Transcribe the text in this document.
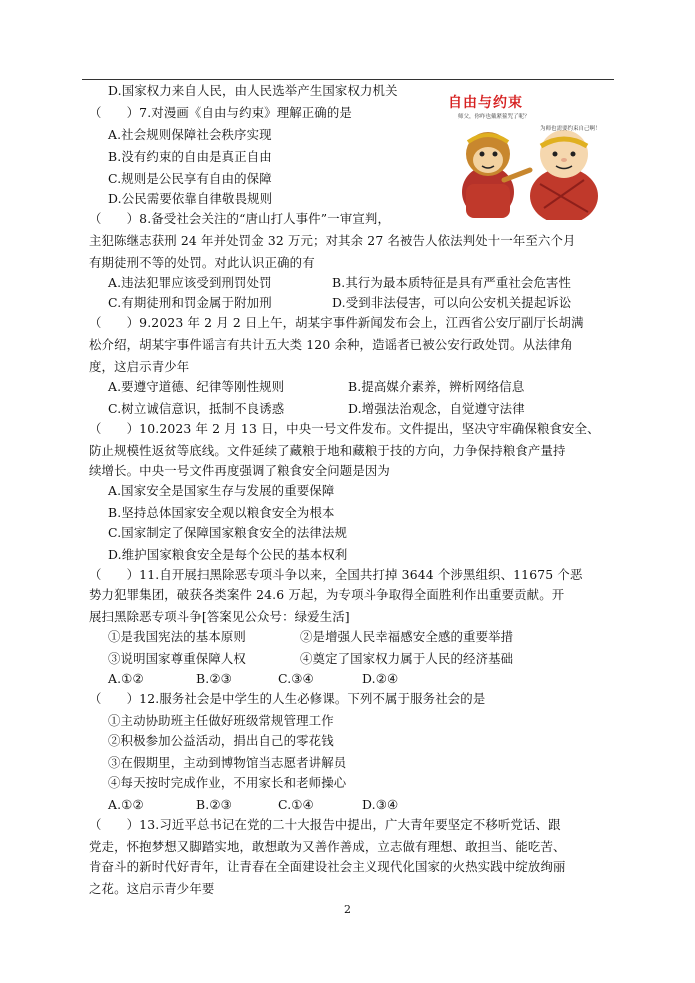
D.国家权力来自人民，由人民选举产生国家权力机关
（　　）7.对漫画《自由与约束》理解正确的是
A.社会规则保障社会秩序实现
B.没有约束的自由是真正自由
C.规则是公民享有自由的保障
D.公民需要依靠自律敬畏规则
自由与约束
师父，你咋也戴紧箍咒了呢？
为师也需要约束自己啊！
（　　）8.备受社会关注的“唐山打人事件”一审宣判，
主犯陈继志获刑 24 年并处罚金 32 万元；对其余 27 名被告人依法判处十一年至六个月
有期徒刑不等的处罚。对此认识正确的有
A.违法犯罪应该受到刑罚处罚	B.其行为最本质特征是具有严重社会危害性
C.有期徒刑和罚金属于附加刑	D.受到非法侵害，可以向公安机关提起诉讼
（　　）9.2023 年 2 月 2 日上午，胡某宇事件新闻发布会上，江西省公安厅副厅长胡满
松介绍，胡某宇事件谣言有共计五大类 120 余种，造谣者已被公安行政处罚。从法律角
度，这启示青少年
A.要遵守道德、纪律等刚性规则	B.提高媒介素养，辨析网络信息
C.树立诚信意识，抵制不良诱惑	D.增强法治观念，自觉遵守法律
（　　）10.2023 年 2 月 13 日，中央一号文件发布。文件提出，坚决守牢确保粮食安全、
防止规模性返贫等底线。文件延续了藏粮于地和藏粮于技的方向，力争保持粮食产量持
续增长。中央一号文件再度强调了粮食安全问题是因为
A.国家安全是国家生存与发展的重要保障
B.坚持总体国家安全观以粮食安全为根本
C.国家制定了保障国家粮食安全的法律法规
D.维护国家粮食安全是每个公民的基本权利
（　　）11.自开展扫黑除恶专项斗争以来，全国共打掉 3644 个涉黑组织、11675 个恶
势力犯罪集团，破获各类案件 24.6 万起，为专项斗争取得全面胜利作出重要贡献。开
展扫黑除恶专项斗争[答案见公众号：绿爱生活]
①是我国宪法的基本原则	②是增强人民幸福感安全感的重要举措
③说明国家尊重保障人权	④奠定了国家权力属于人民的经济基础
A.①②	B.②③	C.③④	D.②④
（　　）12.服务社会是中学生的人生必修课。下列不属于服务社会的是
①主动协助班主任做好班级常规管理工作
②积极参加公益活动，捐出自己的零花钱
③在假期里，主动到博物馆当志愿者讲解员
④每天按时完成作业，不用家长和老师操心
A.①②	B.②③	C.①④	D.③④
（　　）13.习近平总书记在党的二十大报告中提出，广大青年要坚定不移听党话、跟
党走，怀抱梦想又脚踏实地，敢想敢为又善作善成，立志做有理想、敢担当、能吃苦、
肯奋斗的新时代好青年，让青春在全面建设社会主义现代化国家的火热实践中绽放绚丽
之花。这启示青少年要
2
